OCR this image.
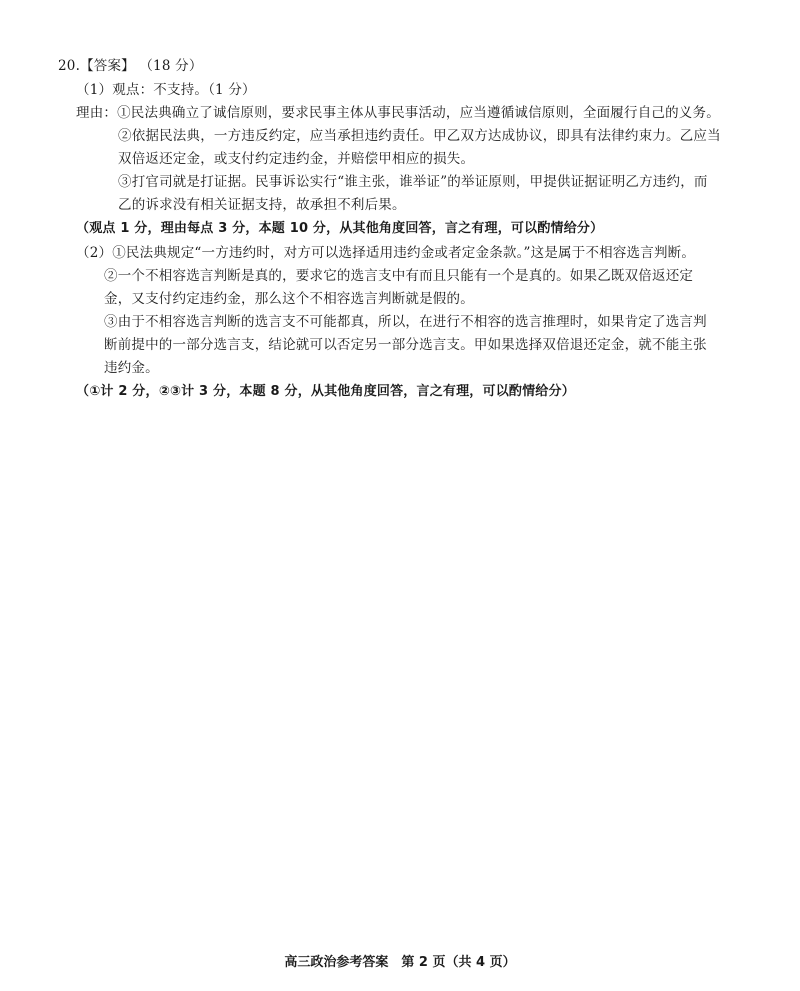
20.【答案】 （18 分）
（1）观点：不支持。（1 分）
理由：①民法典确立了诚信原则，要求民事主体从事民事活动，应当遵循诚信原则，全面履行自己的义务。
②依据民法典，一方违反约定，应当承担违约责任。甲乙双方达成协议，即具有法律约束力。乙应当
双倍返还定金，或支付约定违约金，并赔偿甲相应的损失。
③打官司就是打证据。民事诉讼实行“谁主张，谁举证”的举证原则，甲提供证据证明乙方违约，而
乙的诉求没有相关证据支持，故承担不利后果。
（观点 1 分，理由每点 3 分，本题 10 分，从其他角度回答，言之有理，可以酌情给分）
（2）①民法典规定“一方违约时，对方可以选择适用违约金或者定金条款。”这是属于不相容选言判断。
②一个不相容选言判断是真的，要求它的选言支中有而且只能有一个是真的。如果乙既双倍返还定
金，又支付约定违约金，那么这个不相容选言判断就是假的。
③由于不相容选言判断的选言支不可能都真，所以，在进行不相容的选言推理时，如果肯定了选言判
断前提中的一部分选言支，结论就可以否定另一部分选言支。甲如果选择双倍退还定金，就不能主张
违约金。
（①计 2 分，②③计 3 分，本题 8 分，从其他角度回答，言之有理，可以酌情给分）
高三政治参考答案　第 2 页（共 4 页）
